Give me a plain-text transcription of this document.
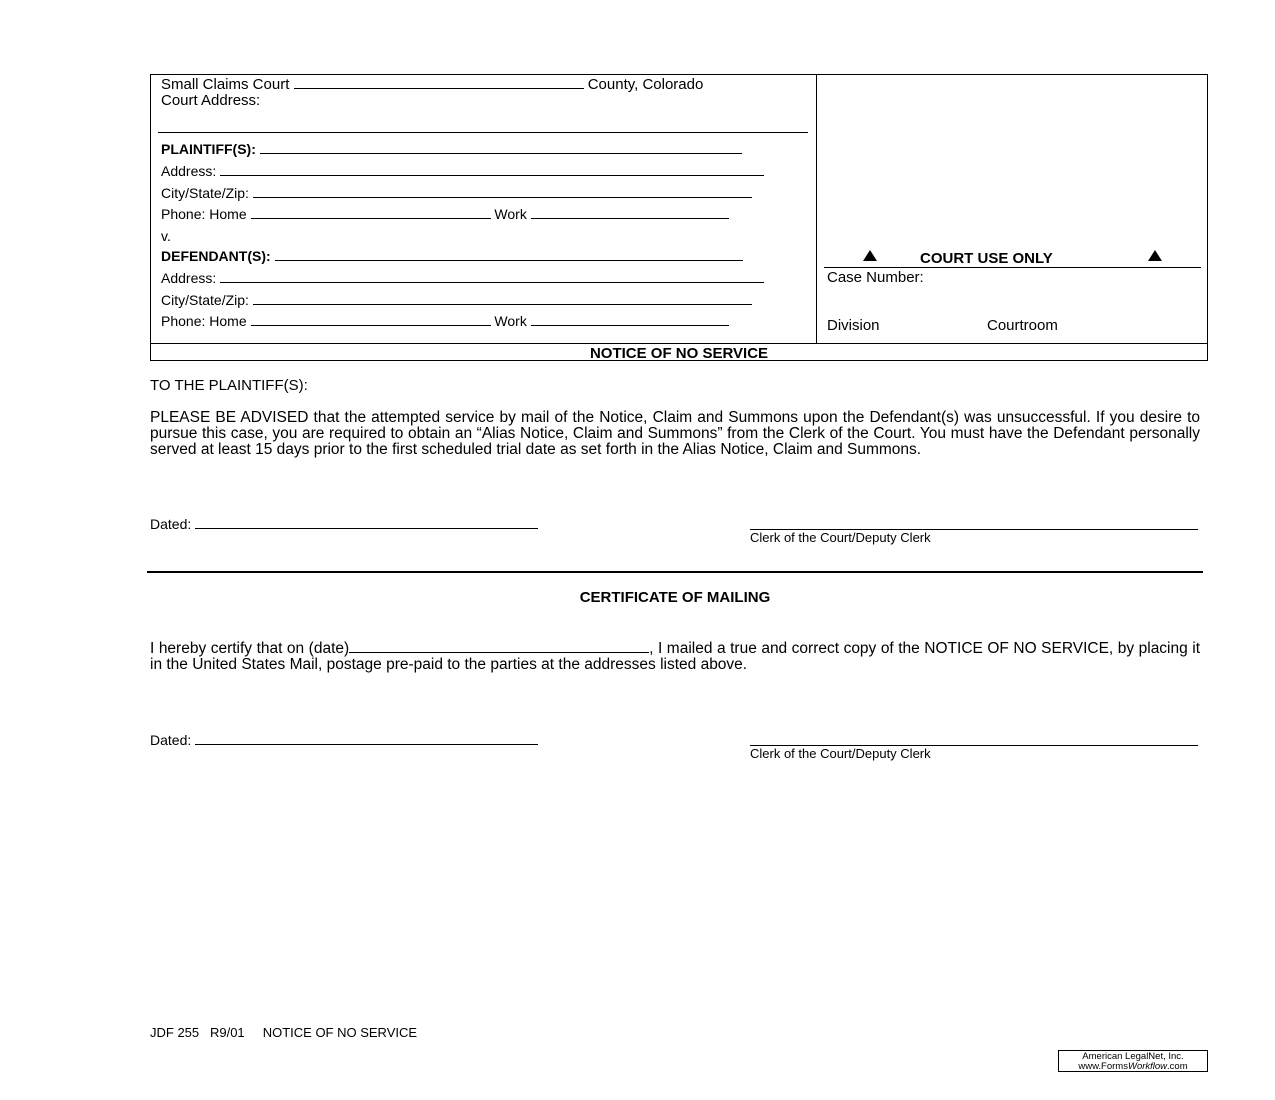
Small Claims Court	County, Colorado
Court Address:
PLAINTIFF(S):
Address:
City/State/Zip:
Phone: Home	Work
v.
DEFENDANT(S):
Address:
City/State/Zip:
Phone: Home	Work
COURT USE ONLY
Case Number:
Division	Courtroom
NOTICE OF NO SERVICE
TO THE PLAINTIFF(S):
PLEASE BE ADVISED that the attempted service by mail of the Notice, Claim and Summons upon the Defendant(s) was unsuccessful. If you desire to pursue this case, you are required to obtain an “Alias Notice, Claim and Summons” from the Clerk of the Court. You must have the Defendant personally served at least 15 days prior to the first scheduled trial date as set forth in the Alias Notice, Claim and Summons.
Dated:
Clerk of the Court/Deputy Clerk
CERTIFICATE OF MAILING
I hereby certify that on (date)	, I mailed a true and correct copy of the NOTICE OF NO SERVICE, by placing it in the United States Mail, postage pre-paid to the parties at the addresses listed above.
Dated:
Clerk of the Court/Deputy Clerk
JDF 255   R9/01     NOTICE OF NO SERVICE
American LegalNet, Inc.
www.FormsWorkflow.com
